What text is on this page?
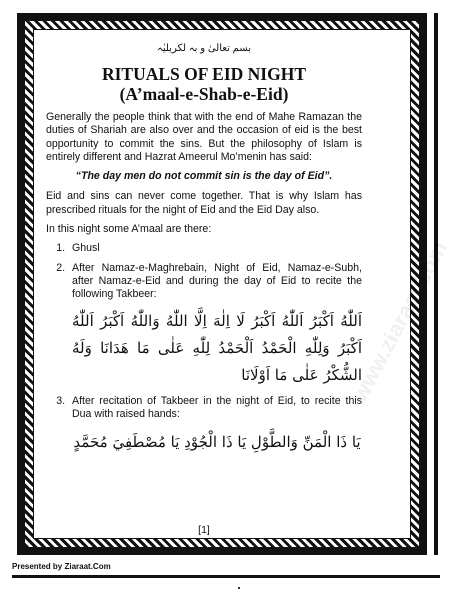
بسم تعالیٰ و بہ لکریلیٰہ
RITUALS OF EID NIGHT
(A’maal-e-Shab-e-Eid)

Generally the people think that with the end of Mahe Ramazan the duties of Shariah are also over and the occasion of eid is the best opportunity to commit the sins. But the philosophy of Islam is entirely different and Hazrat Ameerul Mo’menin has said:

“The day men do not commit sin is the day of Eid”.

Eid and sins can never come together. That is why Islam has prescribed rituals for the night of Eid and the Eid Day also.

In this night some A’maal are there:

1. Ghusl
2. After Namaz-e-Maghrebain, Night of Eid, Namaz-e-Subh, after Namaz-e-Eid and during the day of Eid to recite the following Takbeer:
اَللّٰهُ اَكْبَرُ اَللّٰهُ اَكْبَرُ لَا اِلٰهَ اِلَّا اللّٰهُ وَاللّٰهُ اَكْبَرُ اَللّٰهُ اَكْبَرُ وَلِلّٰهِ الْحَمْدُ اَلْحَمْدُ لِلّٰهِ عَلٰى مَا هَدَانَا وَلَهُ الشُّكْرُ عَلٰى مَا اَوْلَانَا
3. After recitation of Takbeer in the night of Eid, to recite this Dua with raised hands:
يَا ذَا الْمَنِّ وَالطَّوْلِ يَا ذَا الْجُوْدِ يَا مُصْطَفِيَ مُحَمَّدٍ
[1]
Presented by Ziaraat.Com
